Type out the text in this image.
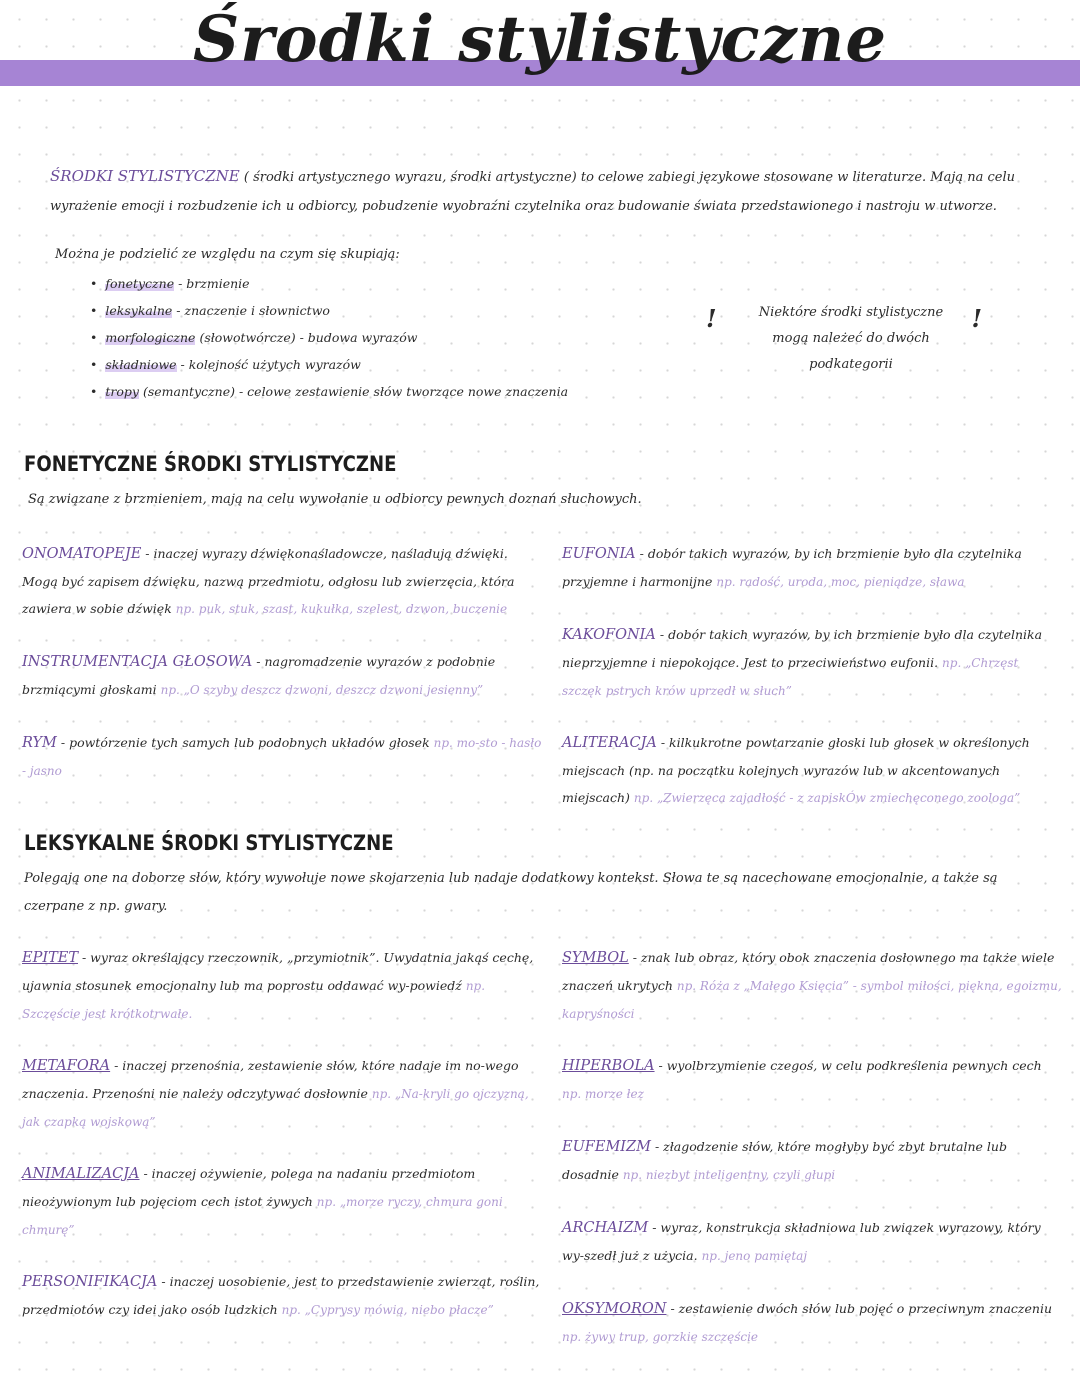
Środki stylistyczne

ŚRODKI STYLISTYCZNE ( środki artystycznego wyrazu, środki artystyczne) to celowe zabiegi językowe stosowane w literaturze. Mają na celu wyrażenie emocji i rozbudzenie ich u odbiorcy, pobudzenie wyobraźni czytelnika oraz budowanie świata przedstawionego i nastroju w utworze.

Można je podzielić ze względu na czym się skupiają:

• fonetyczne - brzmienie
• leksykalne - znaczenie i słownictwo
• morfologiczne (słowotwórcze) - budowa wyrazów
• składniowe - kolejność użytych wyrazów
• tropy (semantyczne) - celowe zestawienie słów tworzące nowe znaczenia
!	Niektóre środki stylistyczne mogą należeć do dwóch podkategorii

!
FONETYCZNE ŚRODKI STYLISTYCZNE

Są związane z brzmieniem, mają na celu wywołanie u odbiorcy pewnych doznań słuchowych.

ONOMATOPEJE - inaczej wyrazy dźwiękonaśladowcze, naśladują dźwięki. Mogą być zapisem dźwięku, nazwą przedmiotu, odgłosu lub zwierzęcia, która zawiera w sobie dźwięk np. puk, stuk, szast, kukułka, szelest, dzwon, buczenie
EUFONIA - dobór takich wyrazów, by ich brzmienie było dla czytelnika przyjemne i harmonijne np. radość, uroda, moc, pieniądze, sława
KAKOFONIA - dobór takich wyrazów, by ich brzmienie było dla czytelnika nieprzyjemne i niepokojące. Jest to przeciwieństwo eufonii. np. „Chrzęst szczęk pstrych krów uprzedł w słuch”
INSTRUMENTACJA GŁOSOWA - nagromadzenie wyrazów z podobnie brzmiącymi głoskami np. „O szyby deszcz dzwoni, deszcz dzwoni jesienny”
RYM - powtórzenie tych samych lub podobnych układów głosek np. mo-sto - hasło - jasno
ALITERACJA - kilkukrotne powtarzanie głoski lub głosek w określonych miejscach (np. na początku kolejnych wyrazów lub w akcentowanych miejscach) np. „Zwierzęca zajadłość - z zapiskÓw zmiechęconego zoologa”
LEKSYKALNE ŚRODKI STYLISTYCZNE

Polegają one na doborze słów, który wywołuje nowe skojarzenia lub nadaje dodatkowy kontekst. Słowa te są nacechowane emocjonalnie, a także są czerpane z np. gwary.

EPITET - wyraz określający rzeczownik, „przymiotnik”. Uwydatnia jakąś cechę, ujawnia stosunek emocjonalny lub ma poprostu oddawać wy-powiedź np. Szczęście jest krótkotrwałe.
SYMBOL - znak lub obraz, który obok znaczenia dosłownego ma także wiele znaczeń ukrytych np. Róża z „Małego Księcia” - symbol miłości, piękna, egoizmu, kapryśności
METAFORA - inaczej przenośnia, zestawienie słów, które nadaje im no-wego znaczenia. Przenośni nie należy odczytywać dosłownie np. „Na-kryli go ojczyzną, jak czapką wojskową”
HIPERBOLA - wyolbrzymienie czegoś, w celu podkreślenia pewnych cech np. morze łez
EUFEMIZM - złagodzenie słów, które mogłyby być zbyt brutalne lub dosadnie np. niezbyt inteligentny, czyli głupi
ANIMALIZACJA - inaczej ożywienie, polega na nadaniu przedmiotom nieożywionym lub pojęciom cech istot żywych np. „morze ryczy, chmura goni chmurę”	ARCHAIZM - wyraz, konstrukcja składniowa lub związek wyrazowy, który wy-szedł już z użycia. np. jeno pamiętaj
PERSONIFIKACJA - inaczej uosobienie, jest to przedstawienie zwierząt, roślin, przedmiotów czy idei jako osób ludzkich np. „Cyprysy mówią, niebo płacze”	OKSYMORON - zestawienie dwóch słów lub pojęć o przeciwnym znaczeniu np. żywy trup, gorzkie szczęście
